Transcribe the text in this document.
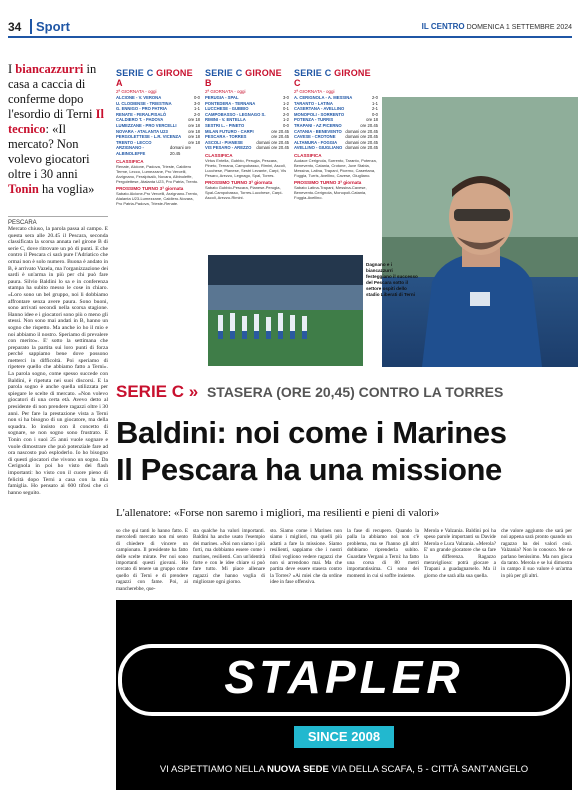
34	Sport	IL CENTRO DOMENICA 1 SETTEMBRE 2024
I biancazzurri in casa a caccia di conferme dopo l'esordio di Terni Il tecnico: «Il mercato? Non volevo giocatori oltre i 30 anni Tonin ha voglia»
PESCARA
Mercato chiuso, la parola passa al campo. E questa sera alle 20.45 il Pescara, seconda classificata la scorsa annata nel girone B di serie C, dove ritrovare un pò di punti. E che contro il Pescara ci sarà pure l'Adriatico che ormai non è solo numero. Buona è andato in B, è arrivato Vazela, ma l'organizzazione dei sardi è un'arma in più per chi può fare paura. Silvio Baldini lo sa e in conferenza stampa ha subito messo le cose in chiaro. «Loro sono un bel gruppo, noi li dobbiamo affrontare senza avere paura. Sono buoni, sono arrivati secondi nella scorsa stagione. Hanno idee e i giocatori sono più o meno gli stessi. Non sono mai andati in B, hanno un sogno che rispetto. Ma anche io ho il mio e noi abbiamo il nostro. Speriamo di prevalere con merito». E' sotto la settimana che preparato la partita sui loro punti di forza perché sappiamo bene dove possono metterci in difficoltà. Poi speriamo di ripetere quello che abbiamo fatto a Terni». La parola sogno, come spesso succede con Baldini, è ripetuta nei suoi discorsi. E la parola sogno è anche quella utilizzata per spiegare le scelte di mercato. «Non volevo giocatori di una certa età. Avevo detto al presidente di non prendere ragazzi oltre i 30 anni. Per fare la prestazione vista a Terni non si ha bisogno di un giocatore, ma della squadra. Io insisto con il concetto di sognare, se non sogno sono frustrato. E Tonin con i suoi 25 anni vuole sognare e vuole dimostrare che può potenziale fare ad ora nascosto può esploderlo. Io ho bisogno di questi giocatori che vivono un sogno. Da Cerignola in poi ho visto dei flash importanti: ho visto con il cuore pieno di felicità dopo Terni a casa con la mia famiglia. Ho pensato ai 600 tifosi che ci hanno seguito.
SERIE C GIRONE A
2ª GIORNATA - oggi
ALCIONE - V. VERONA	0-0
U. CLODIENSE - TRIESTINA	3-0
G. ENNIGO - PRO PATRIA	1-1
RENATE - FERALPISALÒ	2-0
CALDIERO T. - PADOVA	ore 18
LUMEZZANE - PRO VERCELLI	ore 18
NOVARA - ATALANTA U23	ore 18
PERGOLETTESE - L.R. VICENZA ore 18
TRENTO - LECCO	ore 18
ARZIGNANO - ALBINOLEFFE
domani ore 20.45
CLASSIFICA
Renate, Alcione, Padova, Trieste, Caldiero Terme, Lecco, Lumezzane, Pro Vercelli, Arzignano, Feralpisalò, Novara, Albinoleffe, Pergolettese, Atalanta U23, Pro Patria, Trento.
PROSSIMO TURNO 3ª giornata
Sabato Alcione-Pro Vercelli, Arzignano-Trento, Atalanta U23-Lumezzane, Caldiero-Novara, Pro Patria-Padova, Trieste-Renate.
SERIE C GIRONE B
2ª GIORNATA - oggi
PERUGIA - SPAL	3-0
PONTEDERA - TERNANA	1-2
LUCCHESE - GUBBIO	0-1
CAMPOBASSO - LEGNAGO S.	2-0
RIMINI - V. ENTELLA	1-2
SESTRI L. - PINETO	0-0
MILAN FUTURO - CARPI	ore 20.45
PESCARA - TORRES	ore 20.45
ASCOLI - PIANESE	domani ore 20.45
VIS PESARO - AREZZO domani ore 20.45
CLASSIFICA
Virtus Entella, Gubbio, Perugia, Pescara, Pineto, Ternana, Campobasso, Rimini, Ascoli, Lucchese, Pianese, Sestri Levante, Carpi, Vis Pesaro, Arezzo, Legnago, Spal, Torres.
PROSSIMO TURNO 3ª giornata
Sabato Gubbio-Pescara, Pianese-Perugia, Spal-Campobasso, Torres-Lucchese, Carpi-Ascoli, Arezzo-Rimini.
SERIE C GIRONE C
2ª GIORNATA - oggi
A. CERIGNOLA - A. MESSINA	2-0
TARANTO - LATINA	1-1
CASERTANA - AVELLINO	2-1
MONOPOLI - SORRENTO	0-0
POTENZA - TURRIS	ore 18
TRAPANI - AZ PICERNO	ore 20.45
CATANIA - BENEVENTO domani ore 20.45
CAVESE - CROTONE domani ore 20.45
ALTAMURA - FOGGIA domani ore 20.45
AVELLINO - GIUGLIANO domani ore 20.45
CLASSIFICA
Audace Cerignola, Sorrento, Taranto, Potenza, Benevento, Catania, Crotone, Juve Stabia, Messina, Latina, Trapani, Picerno, Casertana, Foggia, Turris, Avellino, Cavese, Giugliano.
PROSSIMO TURNO 3ª giornata
Sabato Latina-Trapani, Messina-Cavese, Benevento-Cerignola, Monopoli-Catania, Foggia-Avellino.
Dagnano e i biancazzurri festeggiano il successo del Pescara sotto il settore ospiti dello stadio Liberati di Terni
SERIE C » STASERA (ORE 20,45) CONTRO LA TORRES
Baldini: noi come i Marines
Il Pescara ha una missione
L'allenatore: «Forse non saremo i migliori, ma resilienti e pieni di valori»
so che qui tanti lo hanno fatto. E mercoledì mercato non mi sento di chiedere di vincere un campionato. Il presidente ha fatto delle scelte mirate. Per noi sono importanti questi giovani. Ho cercato di tenere un gruppo come quello di Terni e di prendere ragazzi con fame. Poi, ai mancherebbe, que-
sta qualche ha valori importanti. Baldini ha anche usato l'esempio dei marines. «Noi non siamo i più forti, ma dobbiamo essere come i marines, resilienti. Con un'identità forte e con le idee chiare si può fare tutto. Mi piace allenare ragazzi che hanno voglia di migliorare ogni giorno.
sto. Siamo come i Marines non siamo i migliori, ma quelli più adatti a fare la missione. Siamo resilienti, sappiamo che i nostri tifosi vogliono vedere ragazzi che non si arrendono mai. Ma che partita deve essere stasera contro la Torres? «Ai miei che da ordine idee in fase offensiva.
la fase di recupero. Quando la palla la abbiamo noi non c'è problema, ma se l'hanno gli altri dobbiamo riprenderla subito. Guardate Vergani a Terni: ha fatto una corsa di 80 metri importantissima. Ci sono dei momenti in cui si soffre insieme.
Merola e Valzania. Baldini poi ha speso parole importanti su Davide Merola e Luca Valzania. «Merola? E' un grande giocatore che sa fare la differenza. Ragazzo meraviglioso: potrà giocare a Trapani a guadagnarselo. Ma il giorno che sarà alla sua quella.
che valore aggiunto che sarà per noi appena sarà pronto quando un ragazzo ha dei valori così. Valzania? Non lo conosco. Me ne parlano benissimo. Ma non gioca da tanto. Merola e se lui dimostra in campo il suo valore è un'arma in più per gli altri.
STAPLER
SINCE 2008
VI ASPETTIAMO NELLA NUOVA SEDE VIA DELLA SCAFA, 5 - CITTÀ SANT'ANGELO
